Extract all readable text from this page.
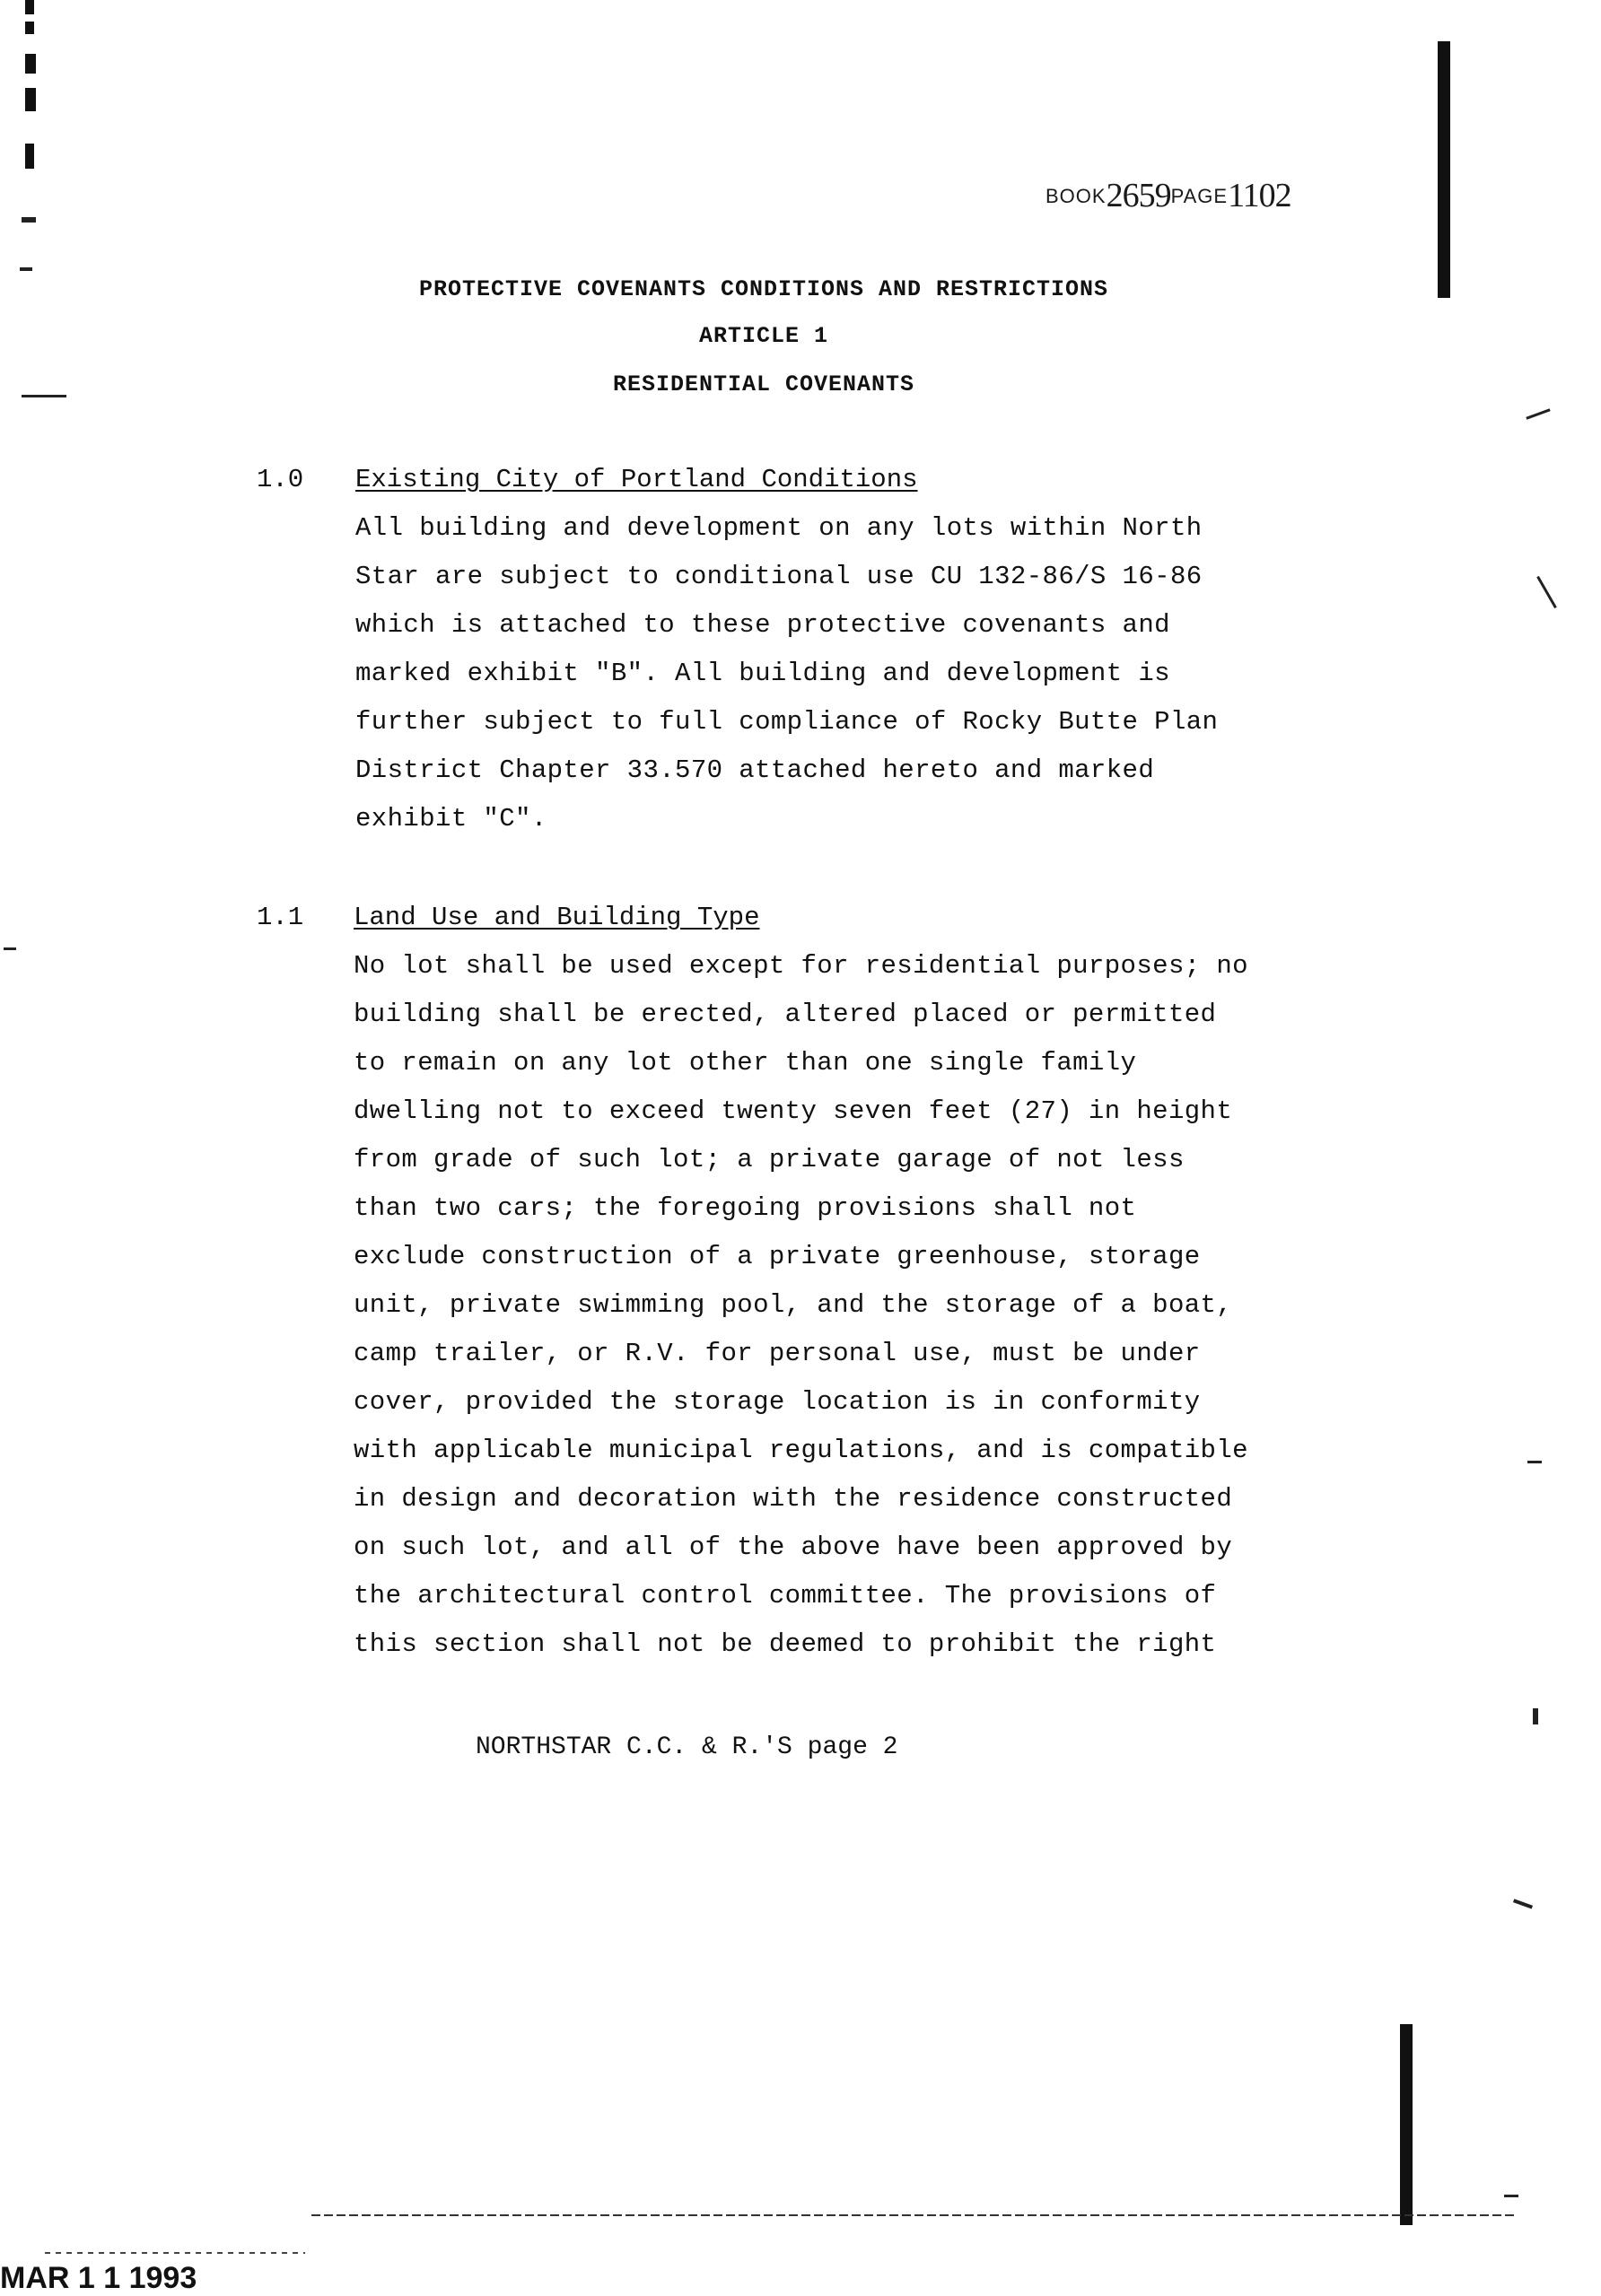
BOOK2659PAGE1102
PROTECTIVE COVENANTS CONDITIONS AND RESTRICTIONS
ARTICLE 1
RESIDENTIAL COVENANTS
1.0 Existing City of Portland Conditions
All building and development on any lots within North
Star are subject to conditional use CU 132-86/S 16-86
which is attached to these protective covenants and
marked exhibit "B". All building and development is
further subject to full compliance of Rocky Butte Plan
District Chapter 33.570 attached hereto and marked
exhibit "C".
1.1 Land Use and Building Type
No lot shall be used except for residential purposes; no
building shall be erected, altered placed or permitted
to remain on any lot other than one single family
dwelling not to exceed twenty seven feet (27) in height
from grade of such lot; a private garage of not less
than two cars; the foregoing provisions shall not
exclude construction of a private greenhouse, storage
unit, private swimming pool, and the storage of a boat,
camp trailer, or R.V. for personal use, must be under
cover, provided the storage location is in conformity
with applicable municipal regulations, and is compatible
in design and decoration with the residence constructed
on such lot, and all of the above have been approved by
the architectural control committee. The provisions of
this section shall not be deemed to prohibit the right
NORTHSTAR C.C. & R.'S page 2
MAR 1 1 1993
